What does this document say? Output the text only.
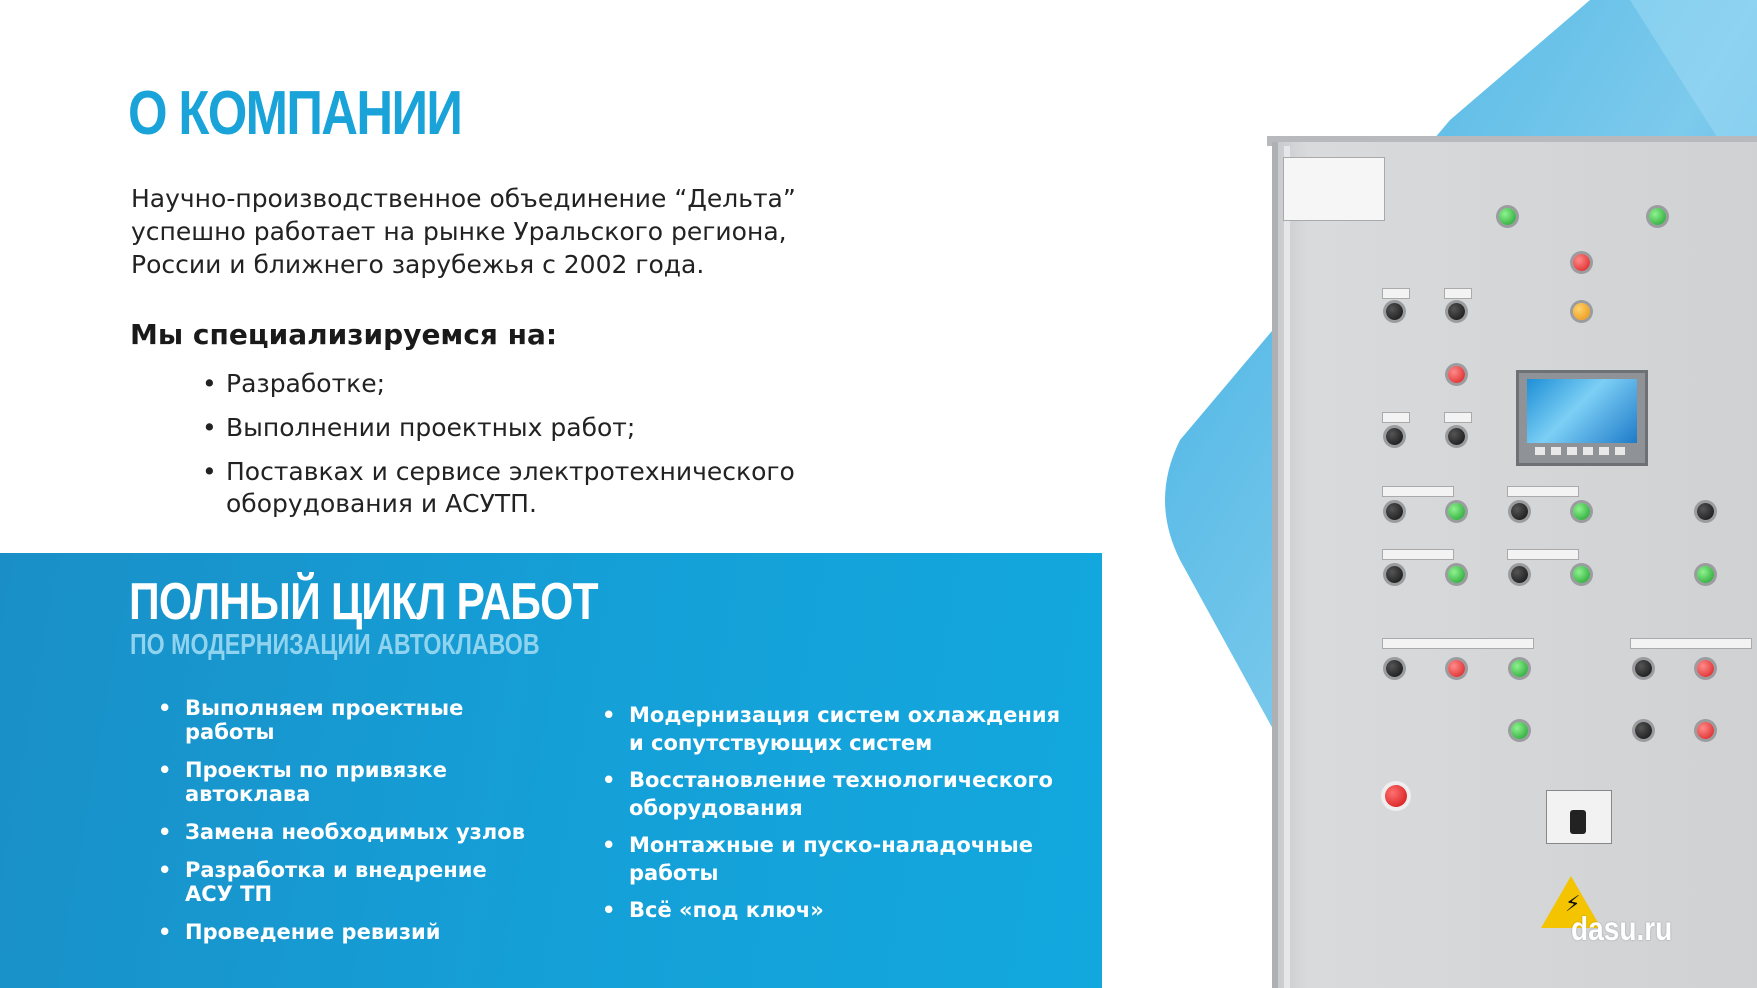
О КОМПАНИИ
Научно-производственное объединение “Дельта”
успешно работает на рынке Уральского региона,
России и ближнего зарубежья с 2002 года.
Мы специализируемся на:
• Разработке;
• Выполнении проектных работ;
• Поставках и сервисе электротехнического оборудования и АСУТП.
⚡
dasu.ru
ПОЛНЫЙ ЦИКЛ РАБОТ
ПО МОДЕРНИЗАЦИИ АВТОКЛАВОВ
• Выполняем проектные работы
• Проекты по привязке автоклава
• Замена необходимых узлов
• Разработка и внедрение АСУ ТП
• Проведение ревизий
• Модернизация систем охлаждения и сопутствующих систем
• Восстановление технологического оборудования
• Монтажные и пуско-наладочные работы
• Всё «под ключ»
